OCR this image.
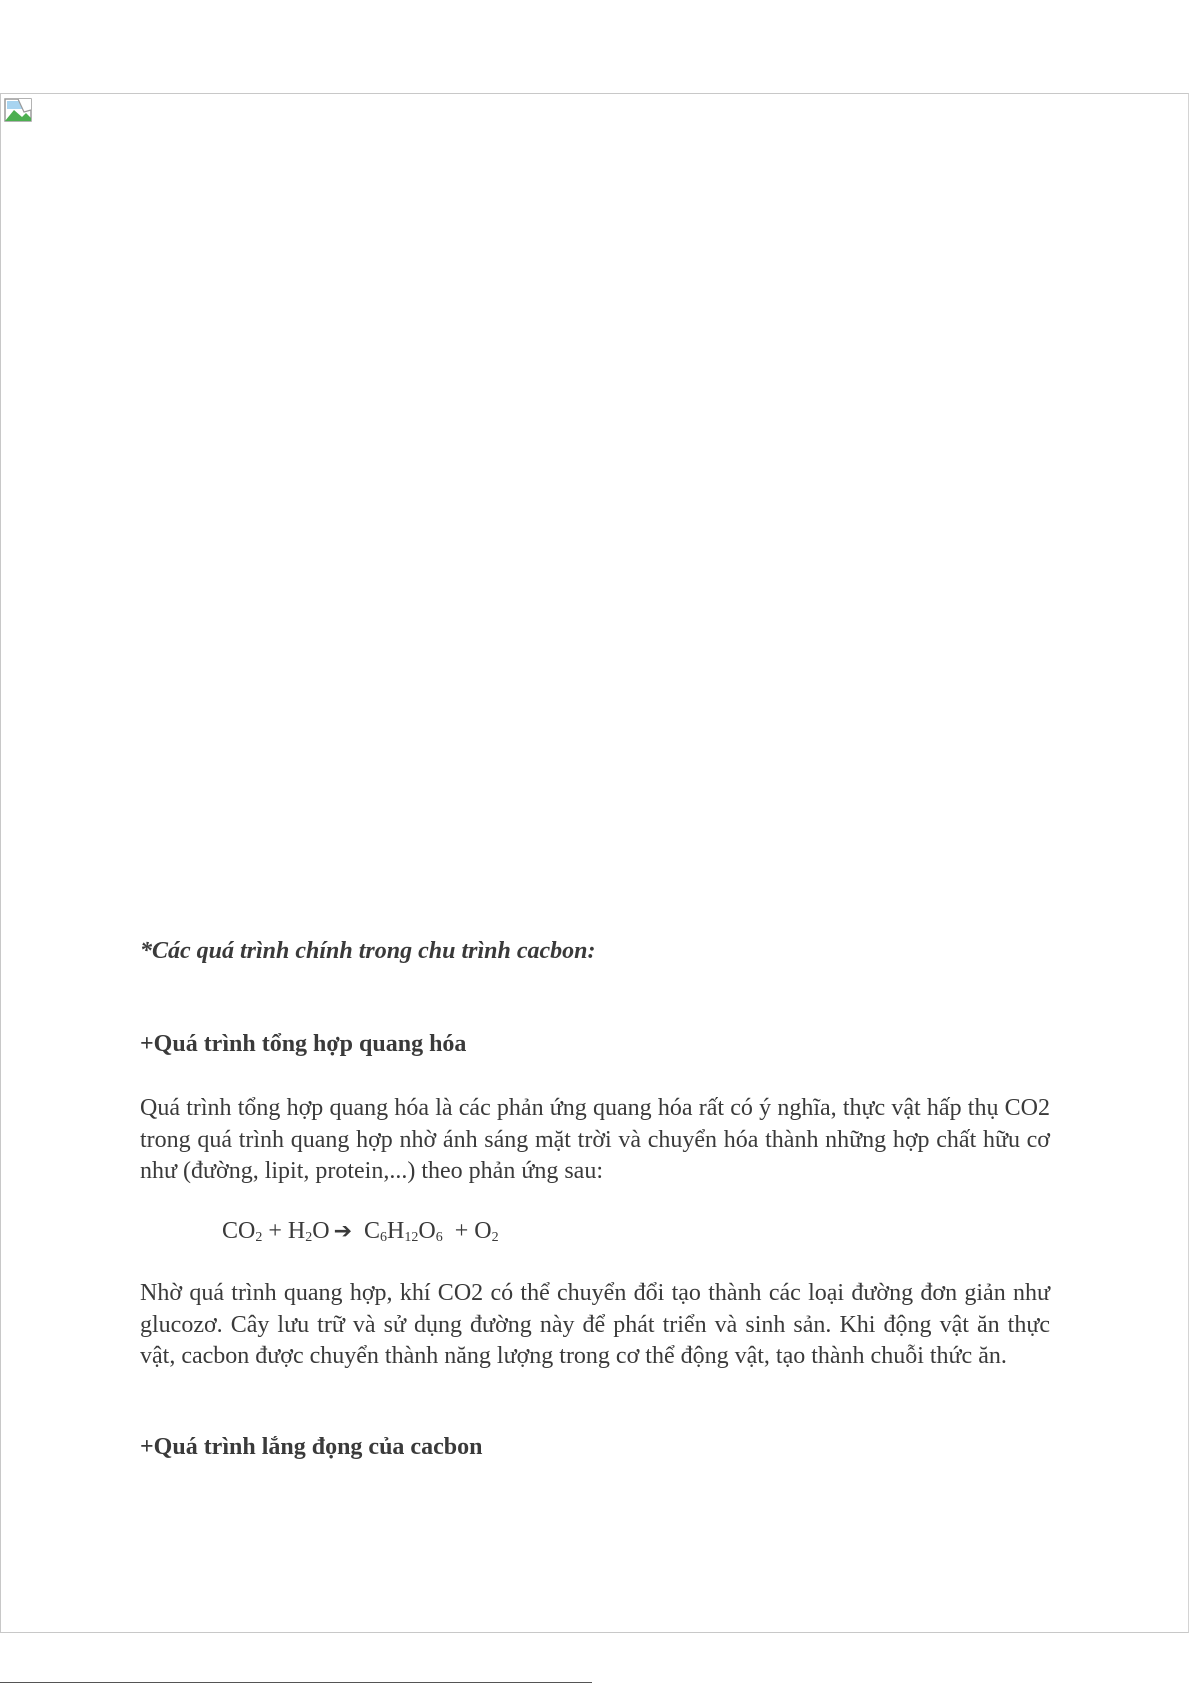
*Các quá trình chính trong chu trình cacbon:
+Quá trình tổng hợp quang hóa
Quá trình tổng hợp quang hóa là các phản ứng quang hóa rất có ý nghĩa, thực vật hấp thụ CO2 trong quá trình quang hợp nhờ ánh sáng mặt trời và chuyển hóa thành những hợp chất hữu cơ như (đường, lipit, protein,...) theo phản ứng sau:
$CO_2 + H_2O$ ➔ $C_6H_{12}O_6 + O_2$
Nhờ quá trình quang hợp, khí CO2 có thể chuyển đổi tạo thành các loại đường đơn giản như glucozơ. Cây lưu trữ và sử dụng đường này để phát triển và sinh sản. Khi động vật ăn thực vật, cacbon được chuyển thành năng lượng trong cơ thể động vật, tạo thành chuỗi thức ăn.
+Quá trình lắng đọng của cacbon
